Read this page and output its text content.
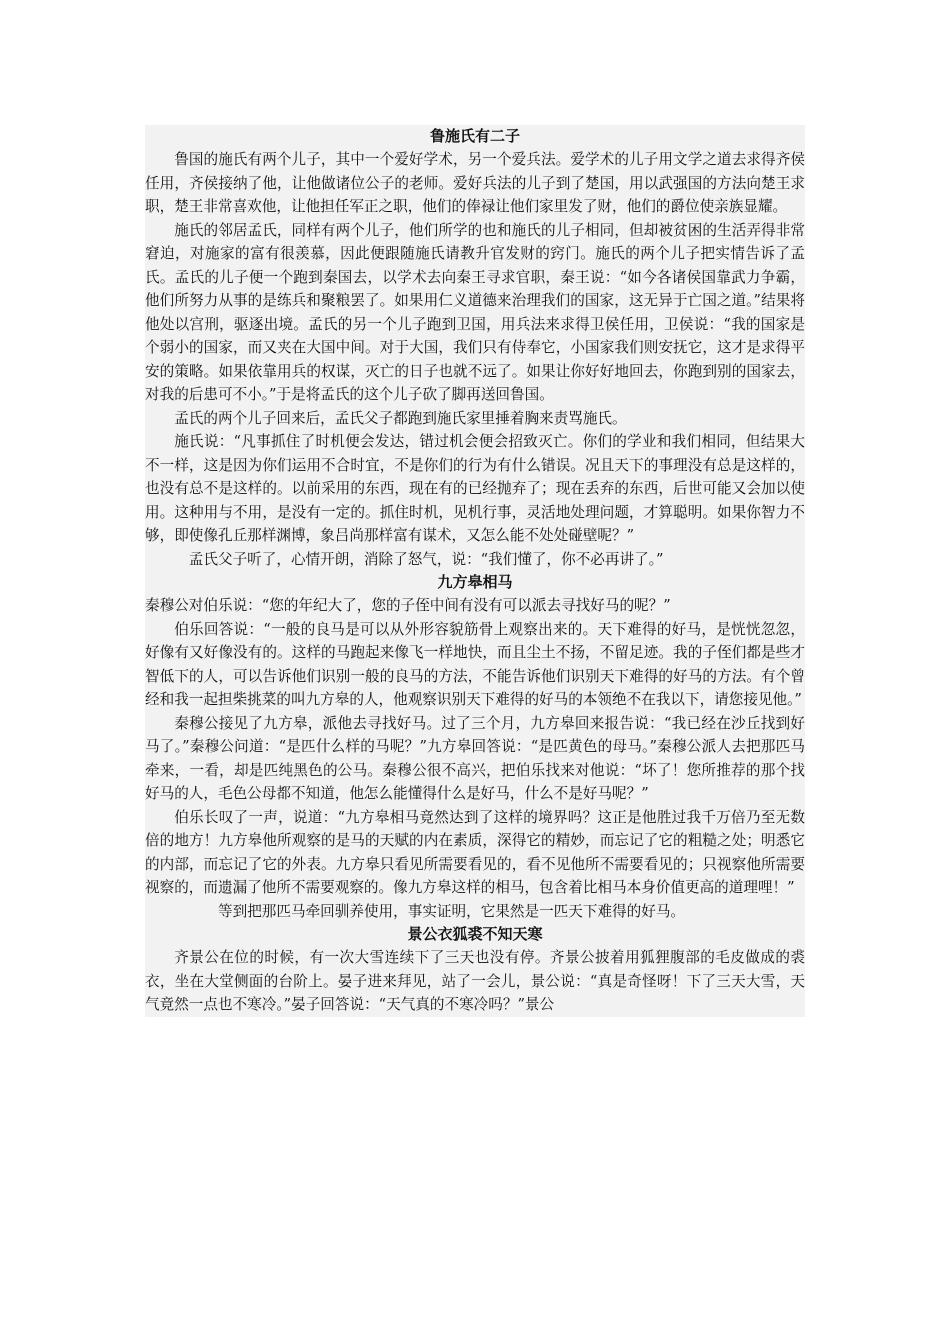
鲁施氏有二子

鲁国的施氏有两个儿子，其中一个爱好学术，另一个爱兵法。爱学术的儿子用文学之道去求得齐侯任用，齐侯接纳了他，让他做诸位公子的老师。爱好兵法的儿子到了楚国，用以武强国的方法向楚王求职，楚王非常喜欢他，让他担任军正之职，他们的俸禄让他们家里发了财，他们的爵位使亲族显耀。

施氏的邻居孟氏，同样有两个儿子，他们所学的也和施氏的儿子相同，但却被贫困的生活弄得非常窘迫，对施家的富有很羡慕，因此便跟随施氏请教升官发财的窍门。施氏的两个儿子把实情告诉了孟氏。孟氏的儿子便一个跑到秦国去，以学术去向秦王寻求官职，秦王说：“如今各诸侯国靠武力争霸，他们所努力从事的是练兵和聚粮罢了。如果用仁义道德来治理我们的国家，这无异于亡国之道。”结果将他处以宫刑，驱逐出境。孟氏的另一个儿子跑到卫国，用兵法来求得卫侯任用，卫侯说：“我的国家是个弱小的国家，而又夹在大国中间。对于大国，我们只有侍奉它，小国家我们则安抚它，这才是求得平安的策略。如果依靠用兵的权谋，灭亡的日子也就不远了。如果让你好好地回去，你跑到别的国家去，对我的后患可不小。”于是将孟氏的这个儿子砍了脚再送回鲁国。

孟氏的两个儿子回来后，孟氏父子都跑到施氏家里捶着胸来责骂施氏。

施氏说：“凡事抓住了时机便会发达，错过机会便会招致灭亡。你们的学业和我们相同，但结果大不一样，这是因为你们运用不合时宜，不是你们的行为有什么错误。况且天下的事理没有总是这样的，也没有总不是这样的。以前采用的东西，现在有的已经抛弃了；现在丢弃的东西，后世可能又会加以使用。这种用与不用，是没有一定的。抓住时机，见机行事，灵活地处理问题，才算聪明。如果你智力不够，即使像孔丘那样渊博，象吕尚那样富有谋术，又怎么能不处处碰壁呢？”

孟氏父子听了，心情开朗，消除了怒气，说：“我们懂了，你不必再讲了。”

九方皋相马

秦穆公对伯乐说：“您的年纪大了，您的子侄中间有没有可以派去寻找好马的呢？”

伯乐回答说：“一般的良马是可以从外形容貌筋骨上观察出来的。天下难得的好马，是恍恍忽忽，好像有又好像没有的。这样的马跑起来像飞一样地快，而且尘土不扬，不留足迹。我的子侄们都是些才智低下的人，可以告诉他们识别一般的良马的方法，不能告诉他们识别天下难得的好马的方法。有个曾经和我一起担柴挑菜的叫九方皋的人，他观察识别天下难得的好马的本领绝不在我以下，请您接见他。”

秦穆公接见了九方皋，派他去寻找好马。过了三个月，九方皋回来报告说：“我已经在沙丘找到好马了。”秦穆公问道：“是匹什么样的马呢？”九方皋回答说：“是匹黄色的母马。”秦穆公派人去把那匹马牵来，一看，却是匹纯黑色的公马。秦穆公很不高兴，把伯乐找来对他说：“坏了！您所推荐的那个找好马的人，毛色公母都不知道，他怎么能懂得什么是好马，什么不是好马呢？”

伯乐长叹了一声，说道：“九方皋相马竟然达到了这样的境界吗？这正是他胜过我千万倍乃至无数倍的地方！九方皋他所观察的是马的天赋的内在素质，深得它的精妙，而忘记了它的粗糙之处；明悉它的内部，而忘记了它的外表。九方皋只看见所需要看见的，看不见他所不需要看见的；只视察他所需要视察的，而遗漏了他所不需要观察的。像九方皋这样的相马，包含着比相马本身价值更高的道理哩！”

等到把那匹马牵回驯养使用，事实证明，它果然是一匹天下难得的好马。

景公衣狐裘不知天寒

齐景公在位的时候，有一次大雪连续下了三天也没有停。齐景公披着用狐狸腹部的毛皮做成的裘衣，坐在大堂侧面的台阶上。晏子进来拜见，站了一会儿，景公说：“真是奇怪呀！下了三天大雪，天气竟然一点也不寒冷。”晏子回答说：“天气真的不寒冷吗？”景公
